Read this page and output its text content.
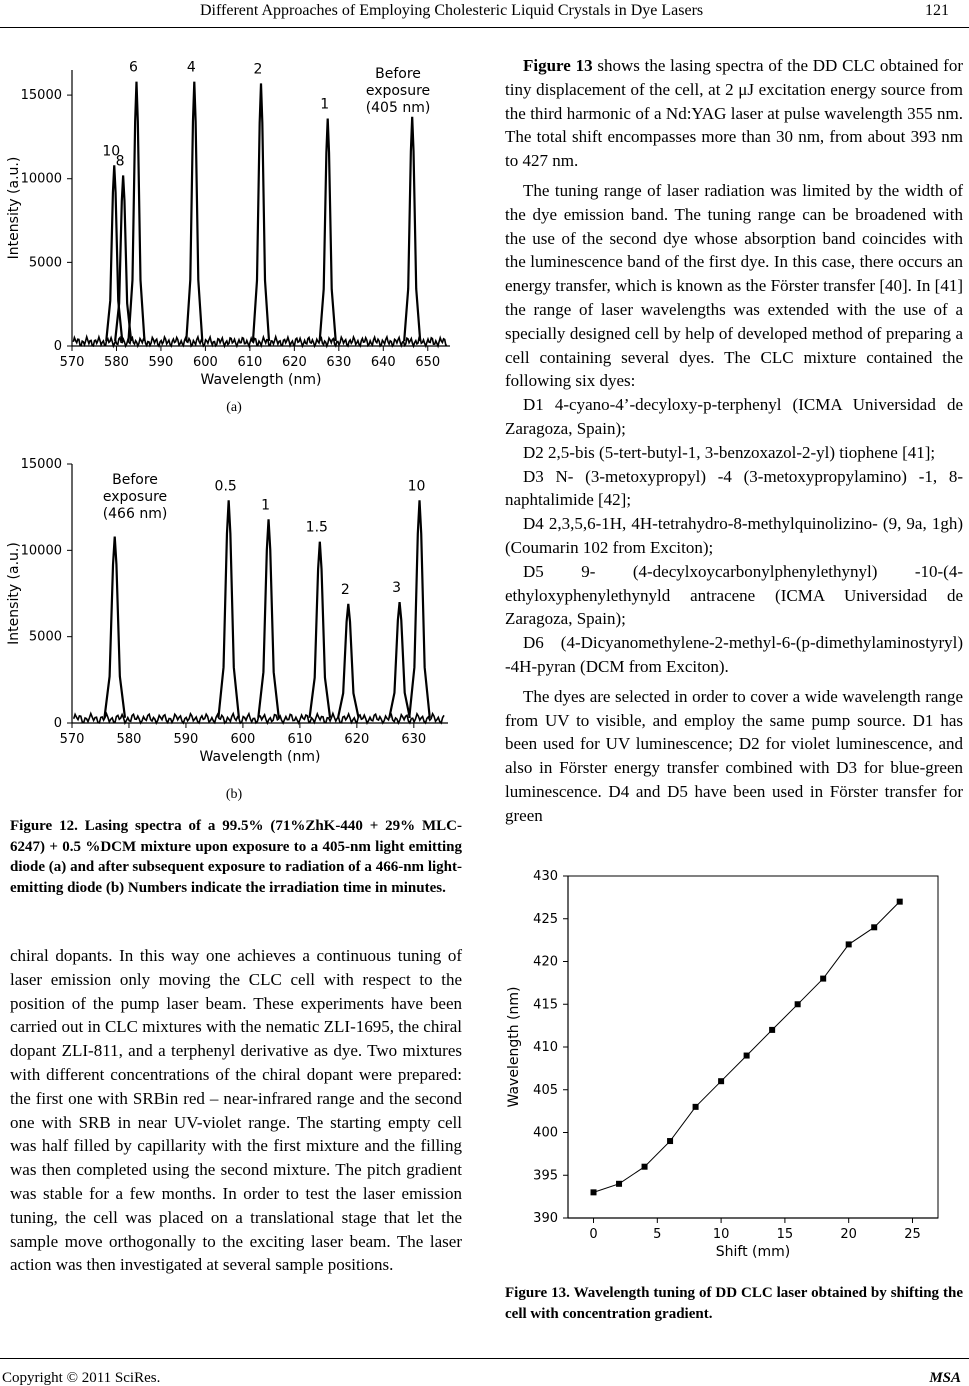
Different Approaches of Employing Cholesteric Liquid Crystals in Dye Lasers	121
570 580 590 600 610 620 630 640 650
0
5000
10000
15000
Wavelength (nm)
Intensity (a.u.)
10
8
6	4	2
1
Before
exposure
(405 nm)
(a)
570 580 590 600 610 620 630
0
5000
10000
15000
Wavelength (nm)
Intensity (a.u.)
0.5
1
1.5
2	3
10
Before
exposure
(466 nm)
(b)
Figure 12. Lasing spectra of a 99.5% (71%ZhK-440 + 29% MLC-6247) + 0.5 %DCM mixture upon exposure to a 405-nm light emitting diode (a) and after subsequent exposure to radiation of a 466-nm light-emitting diode (b) Numbers indicate the irradiation time in minutes.

chiral dopants. In this way one achieves a continuous tuning of laser emission only moving the CLC cell with respect to the position of the pump laser beam. These experiments have been carried out in CLC mixtures with the nematic ZLI-1695, the chiral dopant ZLI-811, and a terphenyl derivative as dye. Two mixtures with different concentrations of the chiral dopant were prepared: the first one with SRBin red – near-infrared range and the second one with SRB in near UV-violet range. The starting empty cell was half filled by capillarity with the first mixture and the filling was then completed using the second mixture. The pitch gradient was stable for a few months. In order to test the laser emission tuning, the cell was placed on a translational stage that let the sample move orthogonally to the exciting laser beam. The laser action was then investigated at several sample positions.

Figure 13 shows the lasing spectra of the DD CLC obtained for tiny displacement of the cell, at 2 μJ excitation energy source from the third harmonic of a Nd:YAG laser at pulse wavelength 355 nm. The total shift encompasses more than 30 nm, from about 393 nm to 427 nm.

The tuning range of laser radiation was limited by the width of the dye emission band. The tuning range can be broadened with the use of the second dye whose absorption band coincides with the luminescence band of the first dye. In this case, there occurs an energy transfer, which is known as the Förster transfer [40]. In [41] the range of laser wavelengths was extended with the use of a specially designed cell by help of developed method of preparing a cell containing several dyes. The CLC mixture contained the following six dyes:

D1 4-cyano-4’-decyloxy-p-terphenyl (ICMA Universidad de Zaragoza, Spain);

D2 2,5-bis (5-tert-butyl-1, 3-benzoxazol-2-yl) tiophene [41];

D3 N- (3-metoxypropyl) -4 (3-metoxypropylamino) -1, 8-naphtalimide [42];

D4 2,3,5,6-1H, 4H-tetrahydro-8-methylquinolizino- (9, 9a, 1gh) (Coumarin 102 from Exciton);

D5 9- (4-decylxoycarbonylphenylethynyl) -10-(4-ethyloxyphenylethynyld antracene (ICMA Universidad de Zaragoza, Spain);

D6 (4-Dicyanomethylene-2-methyl-6-(p-dimethylaminostyryl) -4H-pyran (DCM from Exciton).

The dyes are selected in order to cover a wide wavelength range from UV to visible, and employ the same pump source. D1 has been used for UV luminescence; D2 for violet luminescence, and also in Förster energy transfer combined with D3 for blue-green luminescence. D4 and D5 have been used in Förster transfer for green

0	5	10	15	20	25
390
395
400
405
410
415
420
425
430
Shift (mm)
Wavelength (nm)
Figure 13. Wavelength tuning of DD CLC laser obtained by shifting the cell with concentration gradient.
Copyright © 2011 SciRes.	MSA
